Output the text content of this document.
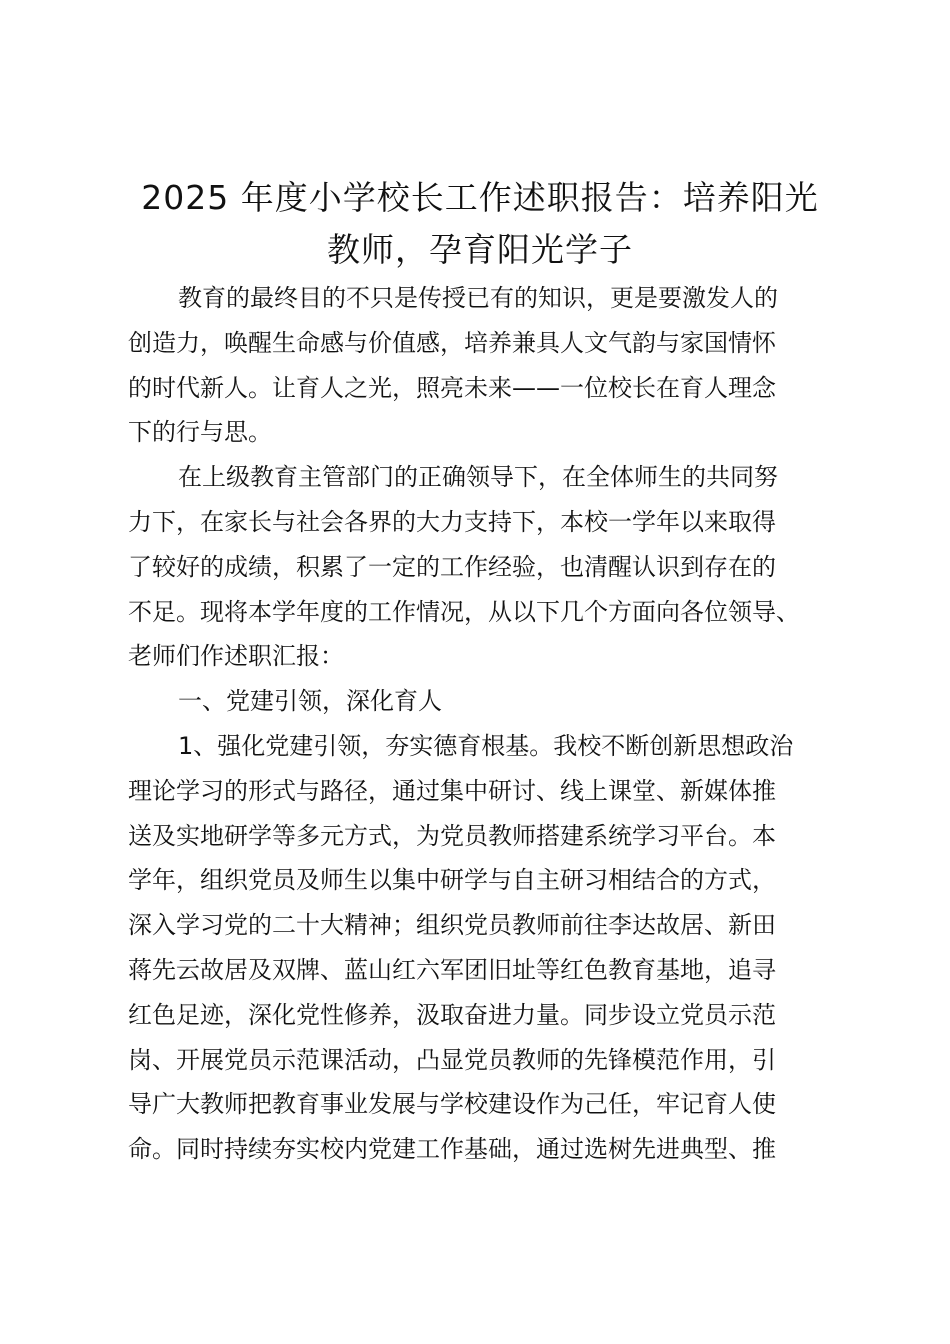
2025 年度小学校长工作述职报告：培养阳光
教师，孕育阳光学子

教育的最终目的不只是传授已有的知识，更是要激发人的
创造力，唤醒生命感与价值感，培养兼具人文气韵与家国情怀
的时代新人。让育人之光，照亮未来——一位校长在育人理念
下的行与思。

在上级教育主管部门的正确领导下，在全体师生的共同努
力下，在家长与社会各界的大力支持下，本校一学年以来取得
了较好的成绩，积累了一定的工作经验，也清醒认识到存在的
不足。现将本学年度的工作情况，从以下几个方面向各位领导、
老师们作述职汇报：

一、党建引领，深化育人

1、强化党建引领，夯实德育根基。我校不断创新思想政治
理论学习的形式与路径，通过集中研讨、线上课堂、新媒体推
送及实地研学等多元方式，为党员教师搭建系统学习平台。本
学年，组织党员及师生以集中研学与自主研习相结合的方式，
深入学习党的二十大精神；组织党员教师前往李达故居、新田
蒋先云故居及双牌、蓝山红六军团旧址等红色教育基地，追寻
红色足迹，深化党性修养，汲取奋进力量。同步设立党员示范
岗、开展党员示范课活动，凸显党员教师的先锋模范作用，引
导广大教师把教育事业发展与学校建设作为己任，牢记育人使
命。同时持续夯实校内党建工作基础，通过选树先进典型、推
